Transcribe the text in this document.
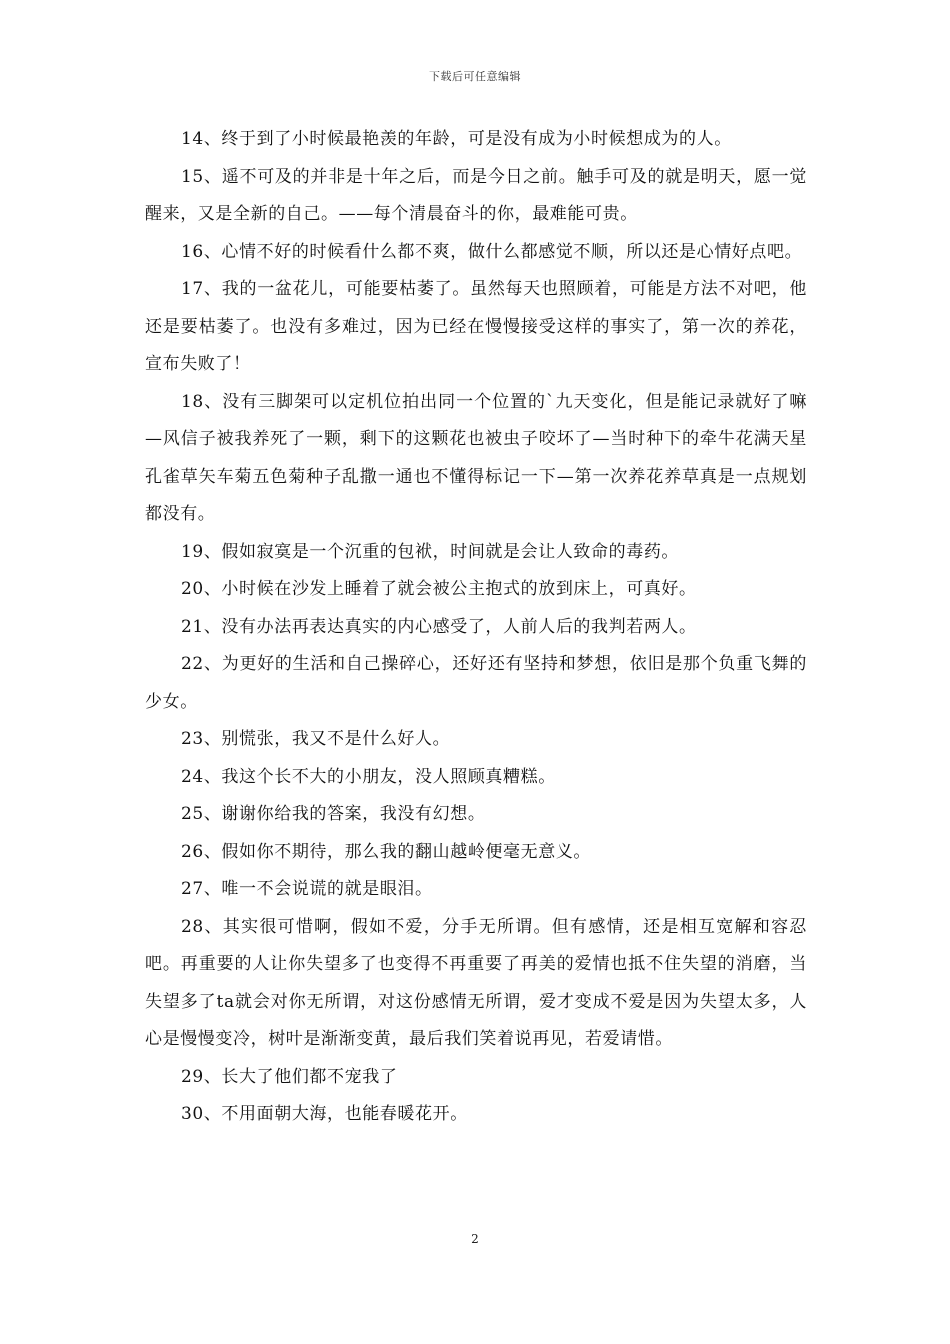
下载后可任意编辑

14、终于到了小时候最艳羡的年龄，可是没有成为小时候想成为的人。

15、遥不可及的并非是十年之后，而是今日之前。触手可及的就是明天，愿一觉醒来，又是全新的自己。——每个清晨奋斗的你，最难能可贵。

16、心情不好的时候看什么都不爽，做什么都感觉不顺，所以还是心情好点吧。

17、我的一盆花儿，可能要枯萎了。虽然每天也照顾着，可能是方法不对吧，他还是要枯萎了。也没有多难过，因为已经在慢慢接受这样的事实了，第一次的养花，宣布失败了！

18、没有三脚架可以定机位拍出同一个位置的`九天变化，但是能记录就好了嘛—风信子被我养死了一颗，剩下的这颗花也被虫子咬坏了—当时种下的牵牛花满天星孔雀草矢车菊五色菊种子乱撒一通也不懂得标记一下—第一次养花养草真是一点规划都没有。

19、假如寂寞是一个沉重的包袱，时间就是会让人致命的毒药。

20、小时候在沙发上睡着了就会被公主抱式的放到床上，可真好。

21、没有办法再表达真实的内心感受了，人前人后的我判若两人。

22、为更好的生活和自己操碎心，还好还有坚持和梦想，依旧是那个负重飞舞的少女。

23、别慌张，我又不是什么好人。

24、我这个长不大的小朋友，没人照顾真糟糕。

25、谢谢你给我的答案，我没有幻想。

26、假如你不期待，那么我的翻山越岭便毫无意义。

27、唯一不会说谎的就是眼泪。

28、其实很可惜啊，假如不爱，分手无所谓。但有感情，还是相互宽解和容忍吧。再重要的人让你失望多了也变得不再重要了再美的爱情也抵不住失望的消磨，当失望多了ta就会对你无所谓，对这份感情无所谓，爱才变成不爱是因为失望太多，人心是慢慢变冷，树叶是渐渐变黄，最后我们笑着说再见，若爱请惜。

29、长大了他们都不宠我了

30、不用面朝大海，也能春暖花开。

2
